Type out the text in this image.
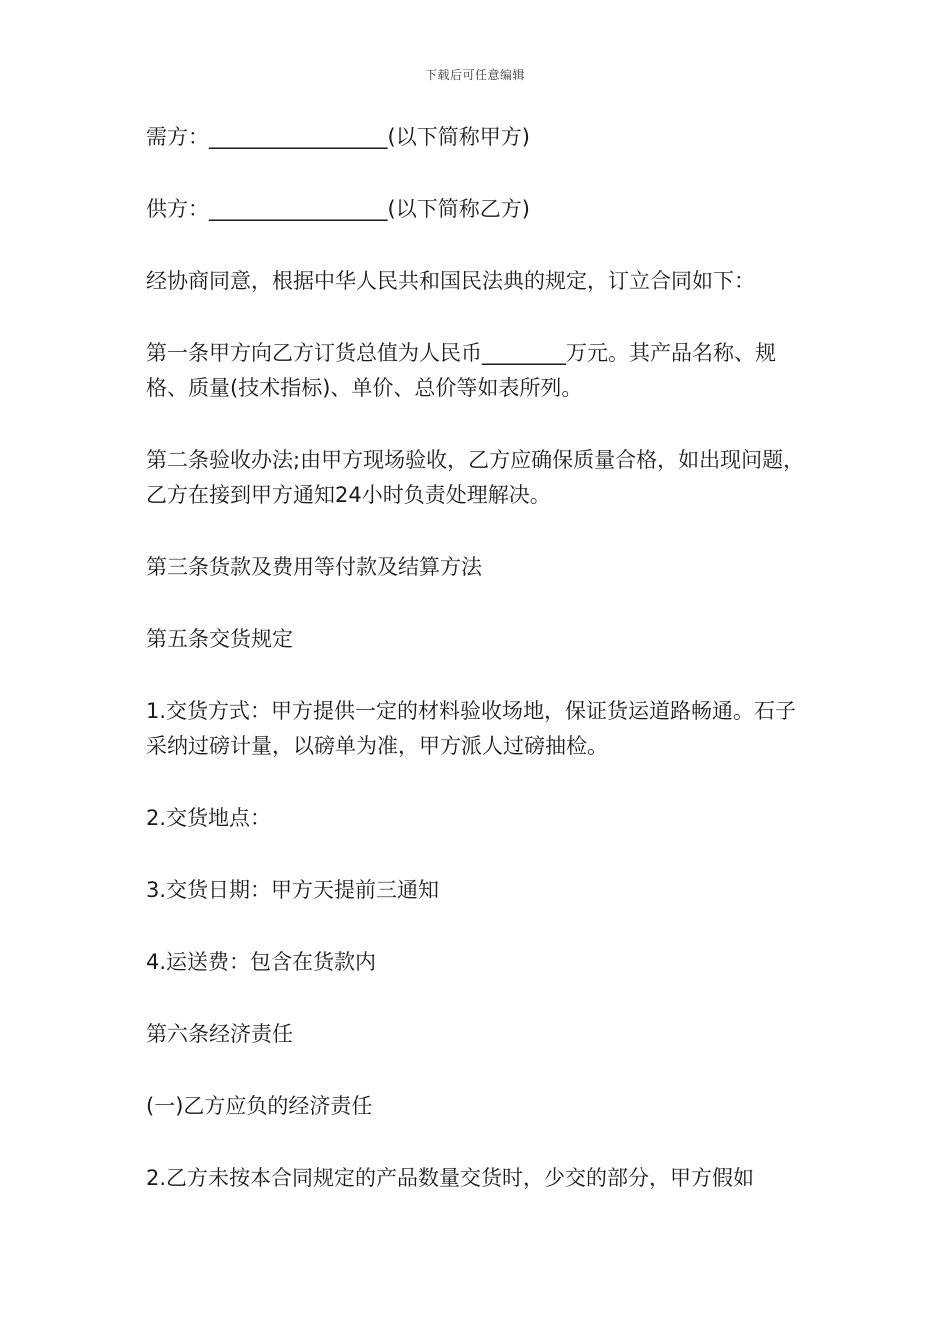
下载后可任意编辑

需方：_________________(以下简称甲方)

供方：_________________(以下简称乙方)

经协商同意，根据中华人民共和国民法典的规定，订立合同如下：

第一条甲方向乙方订货总值为人民币________万元。其产品名称、规格、质量(技术指标)、单价、总价等如表所列。

第二条验收办法;由甲方现场验收，乙方应确保质量合格，如出现问题，乙方在接到甲方通知24小时负责处理解决。

第三条货款及费用等付款及结算方法

第五条交货规定

1.交货方式：甲方提供一定的材料验收场地，保证货运道路畅通。石子采纳过磅计量，以磅单为准，甲方派人过磅抽检。

2.交货地点：

3.交货日期：甲方天提前三通知

4.运送费：包含在货款内

第六条经济责任

(一)乙方应负的经济责任

2.乙方未按本合同规定的产品数量交货时，少交的部分，甲方假如
